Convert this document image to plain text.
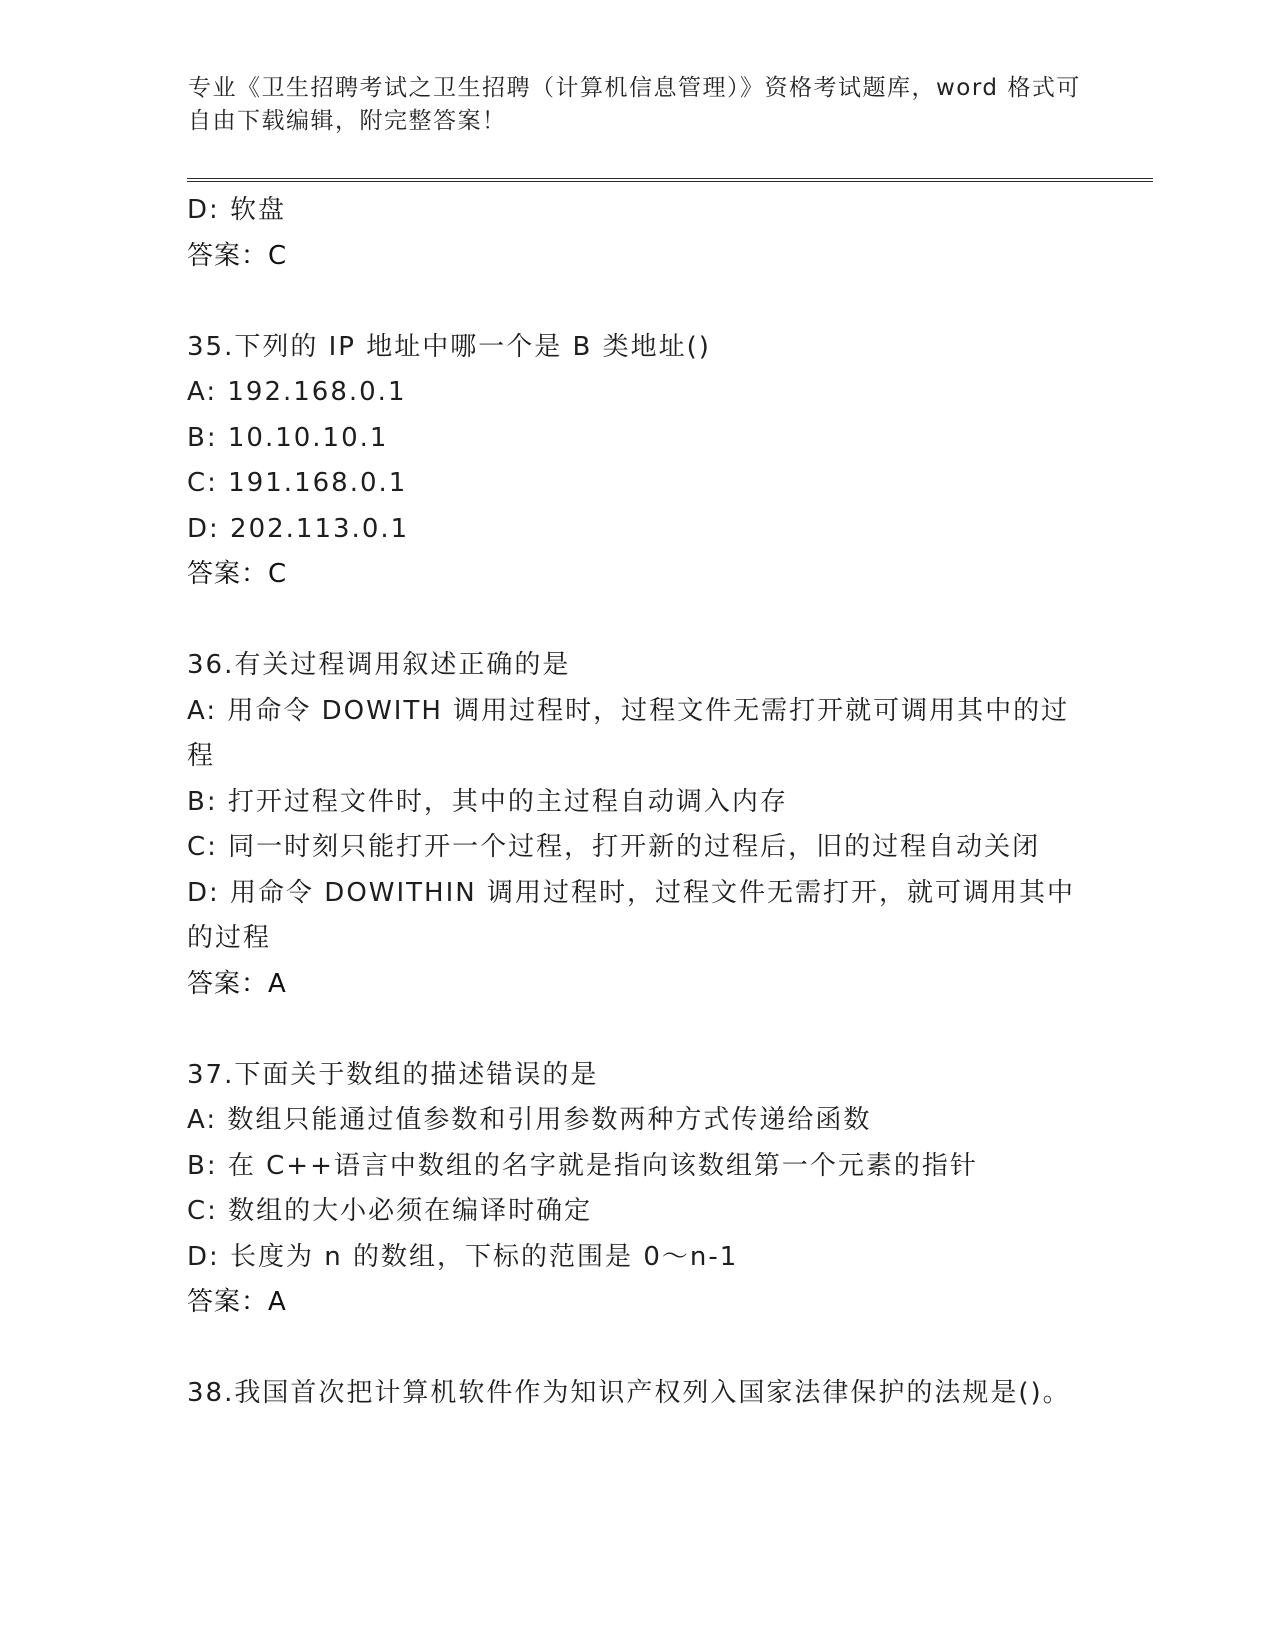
专业《卫生招聘考试之卫生招聘（计算机信息管理）》资格考试题库，word 格式可自由下载编辑，附完整答案！
D: 软盘
答案：C
35.下列的 IP 地址中哪一个是 B 类地址()
A: 192.168.0.1
B: 10.10.10.1
C: 191.168.0.1
D: 202.113.0.1
答案：C
36.有关过程调用叙述正确的是
A: 用命令 DOWITH 调用过程时，过程文件无需打开就可调用其中的过程
B: 打开过程文件时，其中的主过程自动调入内存
C: 同一时刻只能打开一个过程，打开新的过程后，旧的过程自动关闭
D: 用命令 DOWITHIN 调用过程时，过程文件无需打开，就可调用其中的过程
答案：A
37.下面关于数组的描述错误的是
A: 数组只能通过值参数和引用参数两种方式传递给函数
B: 在 C++语言中数组的名字就是指向该数组第一个元素的指针
C: 数组的大小必须在编译时确定
D: 长度为 n 的数组，下标的范围是 0～n-1
答案：A
38.我国首次把计算机软件作为知识产权列入国家法律保护的法规是()。
